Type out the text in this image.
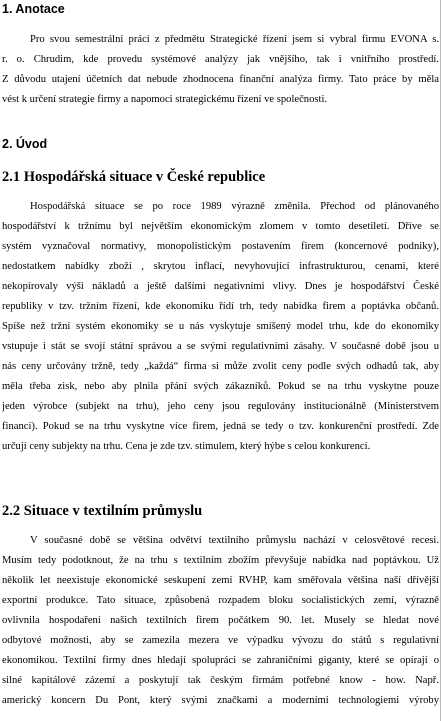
1. Anotace
Pro svou semestrální práci z předmětu Strategické řízení jsem si vybral firmu EVONA s.
r. o. Chrudim, kde provedu systémové analýzy jak vnějšího, tak i vnitřního prostředí.
Z důvodu utajení účetních dat nebude zhodnocena finanční analýza firmy. Tato práce by měla
vést k určení strategie firmy a napomoci strategickému řízení ve společnosti.
2. Úvod
2.1 Hospodářská situace v České republice
Hospodářská situace se po roce 1989 výrazně změnila. Přechod od plánovaného
hospodářství k tržnímu byl největším ekonomickým zlomem v tomto desetiletí. Dříve se
systém vyznačoval normativy, monopolistickým postavením firem (koncernové podniky),
nedostatkem nabídky zboží , skrytou inflací, nevyhovující infrastrukturou, cenami, které
nekopírovaly výši nákladů a ještě dalšími negativními vlivy. Dnes je hospodářství České
republiky v tzv. tržním řízení, kde ekonomiku řídí trh, tedy nabídka firem a poptávka občanů.
Spíše než tržní systém ekonomiky se u nás vyskytuje smíšený model trhu, kde do ekonomiky
vstupuje i stát se svojí státní správou a se svými regulativními zásahy. V současné době jsou u
nás ceny určovány tržně, tedy „každá“ firma si může zvolit ceny podle svých odhadů tak, aby
měla třeba zisk, nebo aby plnila přání svých zákazníků. Pokud se na trhu vyskytne pouze
jeden výrobce (subjekt na trhu), jeho ceny jsou regulovány institucionálně (Ministerstvem
financí). Pokud se na trhu vyskytne více firem, jedná se tedy o tzv. konkurenční prostředí. Zde
určují ceny subjekty na trhu. Cena je zde tzv. stimulem, který hýbe s celou konkurencí.
2.2 Situace v textilním průmyslu
V současné době se většina odvětví textilního průmyslu nachází v celosvětové recesi.
Musím tedy podotknout, že na trhu s textilním zbožím převyšuje nabídka nad poptávkou. Už
několik let neexistuje ekonomické seskupení zemí RVHP, kam směřovala většina naší dřívější
exportní produkce. Tato situace, způsobená rozpadem bloku socialistických zemí, výrazně
ovlivnila hospodaření našich textilních firem počátkem 90. let. Musely se hledat nové
odbytové možnosti, aby se zamezila mezera ve výpadku vývozu do států s regulativní
ekonomikou. Textilní firmy dnes hledají spolupráci se zahraničními giganty, které se opírají o
silné kapitálové zázemí a poskytují tak českým firmám potřebné know - how. Např.
americký koncern Du Pont, který svými značkami a moderními technologiemi výroby
